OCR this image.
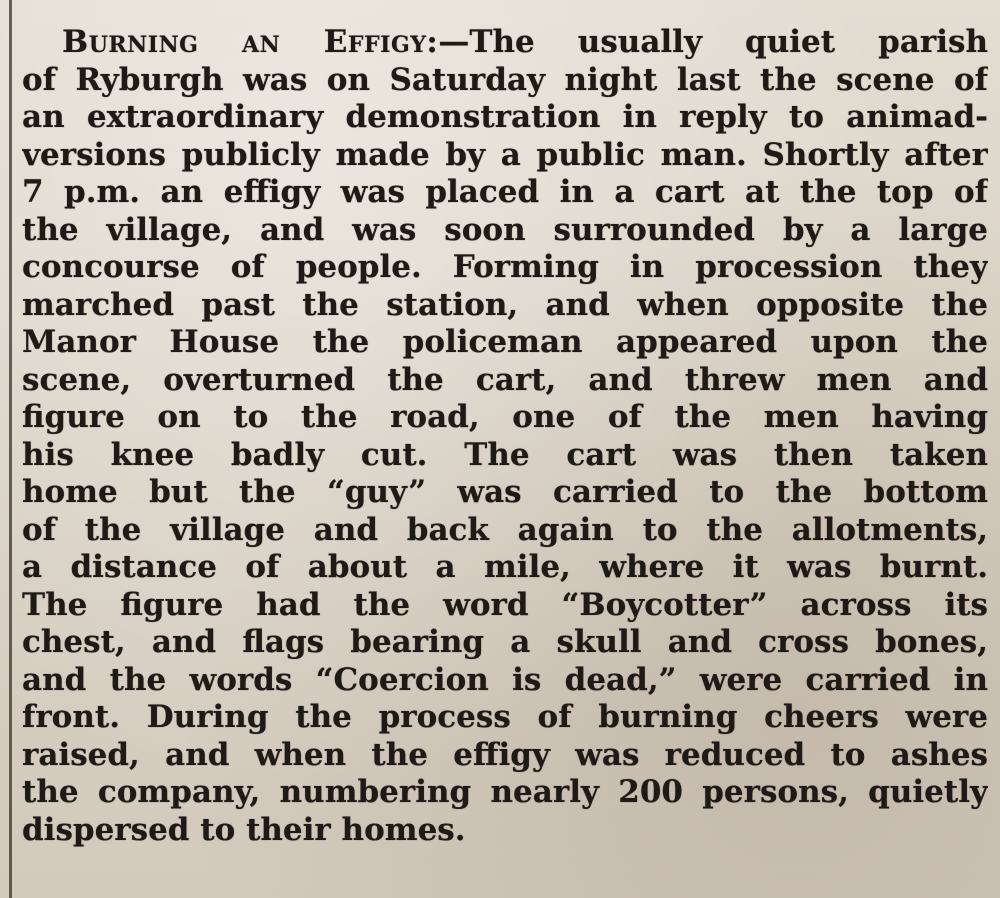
Burning an Effigy:—The usually quiet parish
of Ryburgh was on Saturday night last the scene of
an extraordinary demonstration in reply to animad-
versions publicly made by a public man. Shortly after
7 p.m. an effigy was placed in a cart at the top of
the village, and was soon surrounded by a large
concourse of people. Forming in procession they
marched past the station, and when opposite the
Manor House the policeman appeared upon the
scene, overturned the cart, and threw men and
figure on to the road, one of the men having
his knee badly cut. The cart was then taken
home but the “guy” was carried to the bottom
of the village and back again to the allotments,
a distance of about a mile, where it was burnt.
The figure had the word “Boycotter” across its
chest, and flags bearing a skull and cross bones,
and the words “Coercion is dead,” were carried in
front. During the process of burning cheers were
raised, and when the effigy was reduced to ashes
the company, numbering nearly 200 persons, quietly
dispersed to their homes.
